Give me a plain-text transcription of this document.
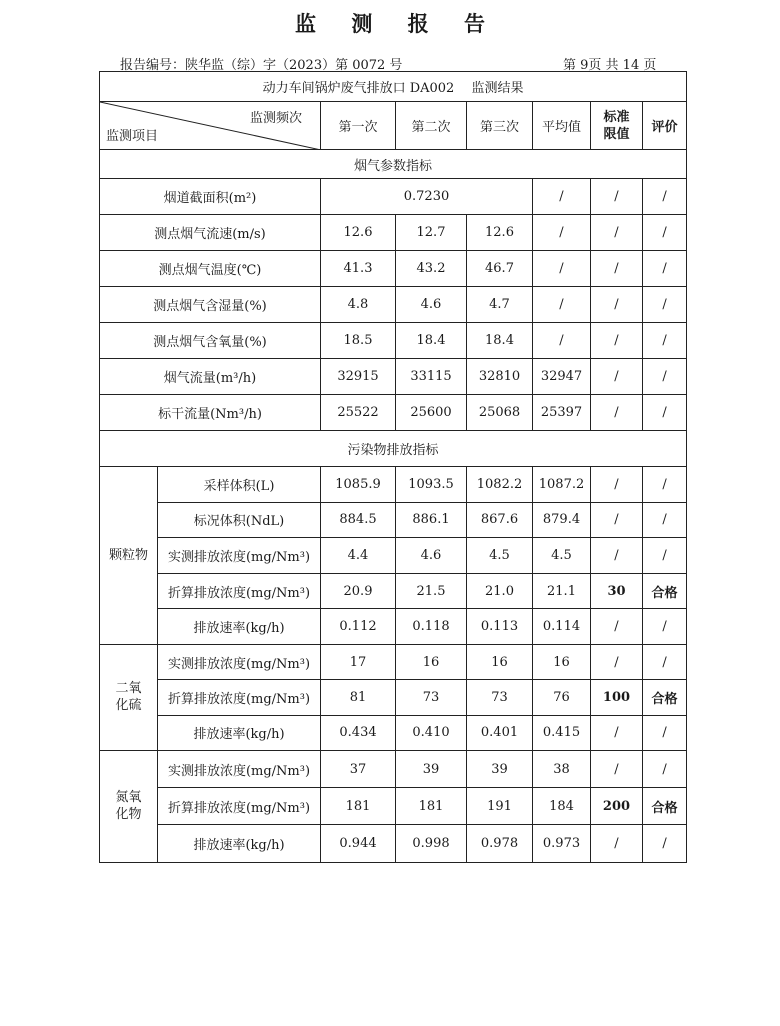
监 测 报 告
报告编号：陕华监（综）字（2023）第 0072 号	第 9页 共 14 页
动力车间锅炉废气排放口 DA002　 监测结果							

监测频次
监测项目		第一次	第二次	第三次	平均值	标准限值	评价
烟气参数指标							
烟道截面积(m²)		0.7230			/	/	/
测点烟气流速(m/s)		12.6	12.7	12.6	/	/	/
测点烟气温度(℃)		41.3	43.2	46.7	/	/	/
测点烟气含湿量(%)		4.8	4.6	4.7	/	/	/
测点烟气含氧量(%)		18.5	18.4	18.4	/	/	/
烟气流量(m³/h)		32915	33115	32810	32947	/	/
标干流量(Nm³/h)		25522	25600	25068	25397	/	/
污染物排放指标							
颗粒物	采样体积(L)	1085.9	1093.5	1082.2	1087.2	/	/
	标况体积(NdL)	884.5	886.1	867.6	879.4	/	/
	实测排放浓度(mg/Nm³)	4.4	4.6	4.5	4.5	/	/
	折算排放浓度(mg/Nm³)	20.9	21.5	21.0	21.1	30	合格
	排放速率(kg/h)	0.112	0.118	0.113	0.114	/	/

二氧
化硫	实测排放浓度(mg/Nm³)	17	16	16	16	/	/
	折算排放浓度(mg/Nm³)	81	73	73	76	100	合格
	排放速率(kg/h)	0.434	0.410	0.401	0.415	/	/

氮氧
化物	实测排放浓度(mg/Nm³)	37	39	39	38	/	/
	折算排放浓度(mg/Nm³)	181	181	191	184	200	合格
	排放速率(kg/h)	0.944	0.998	0.978	0.973	/	/
